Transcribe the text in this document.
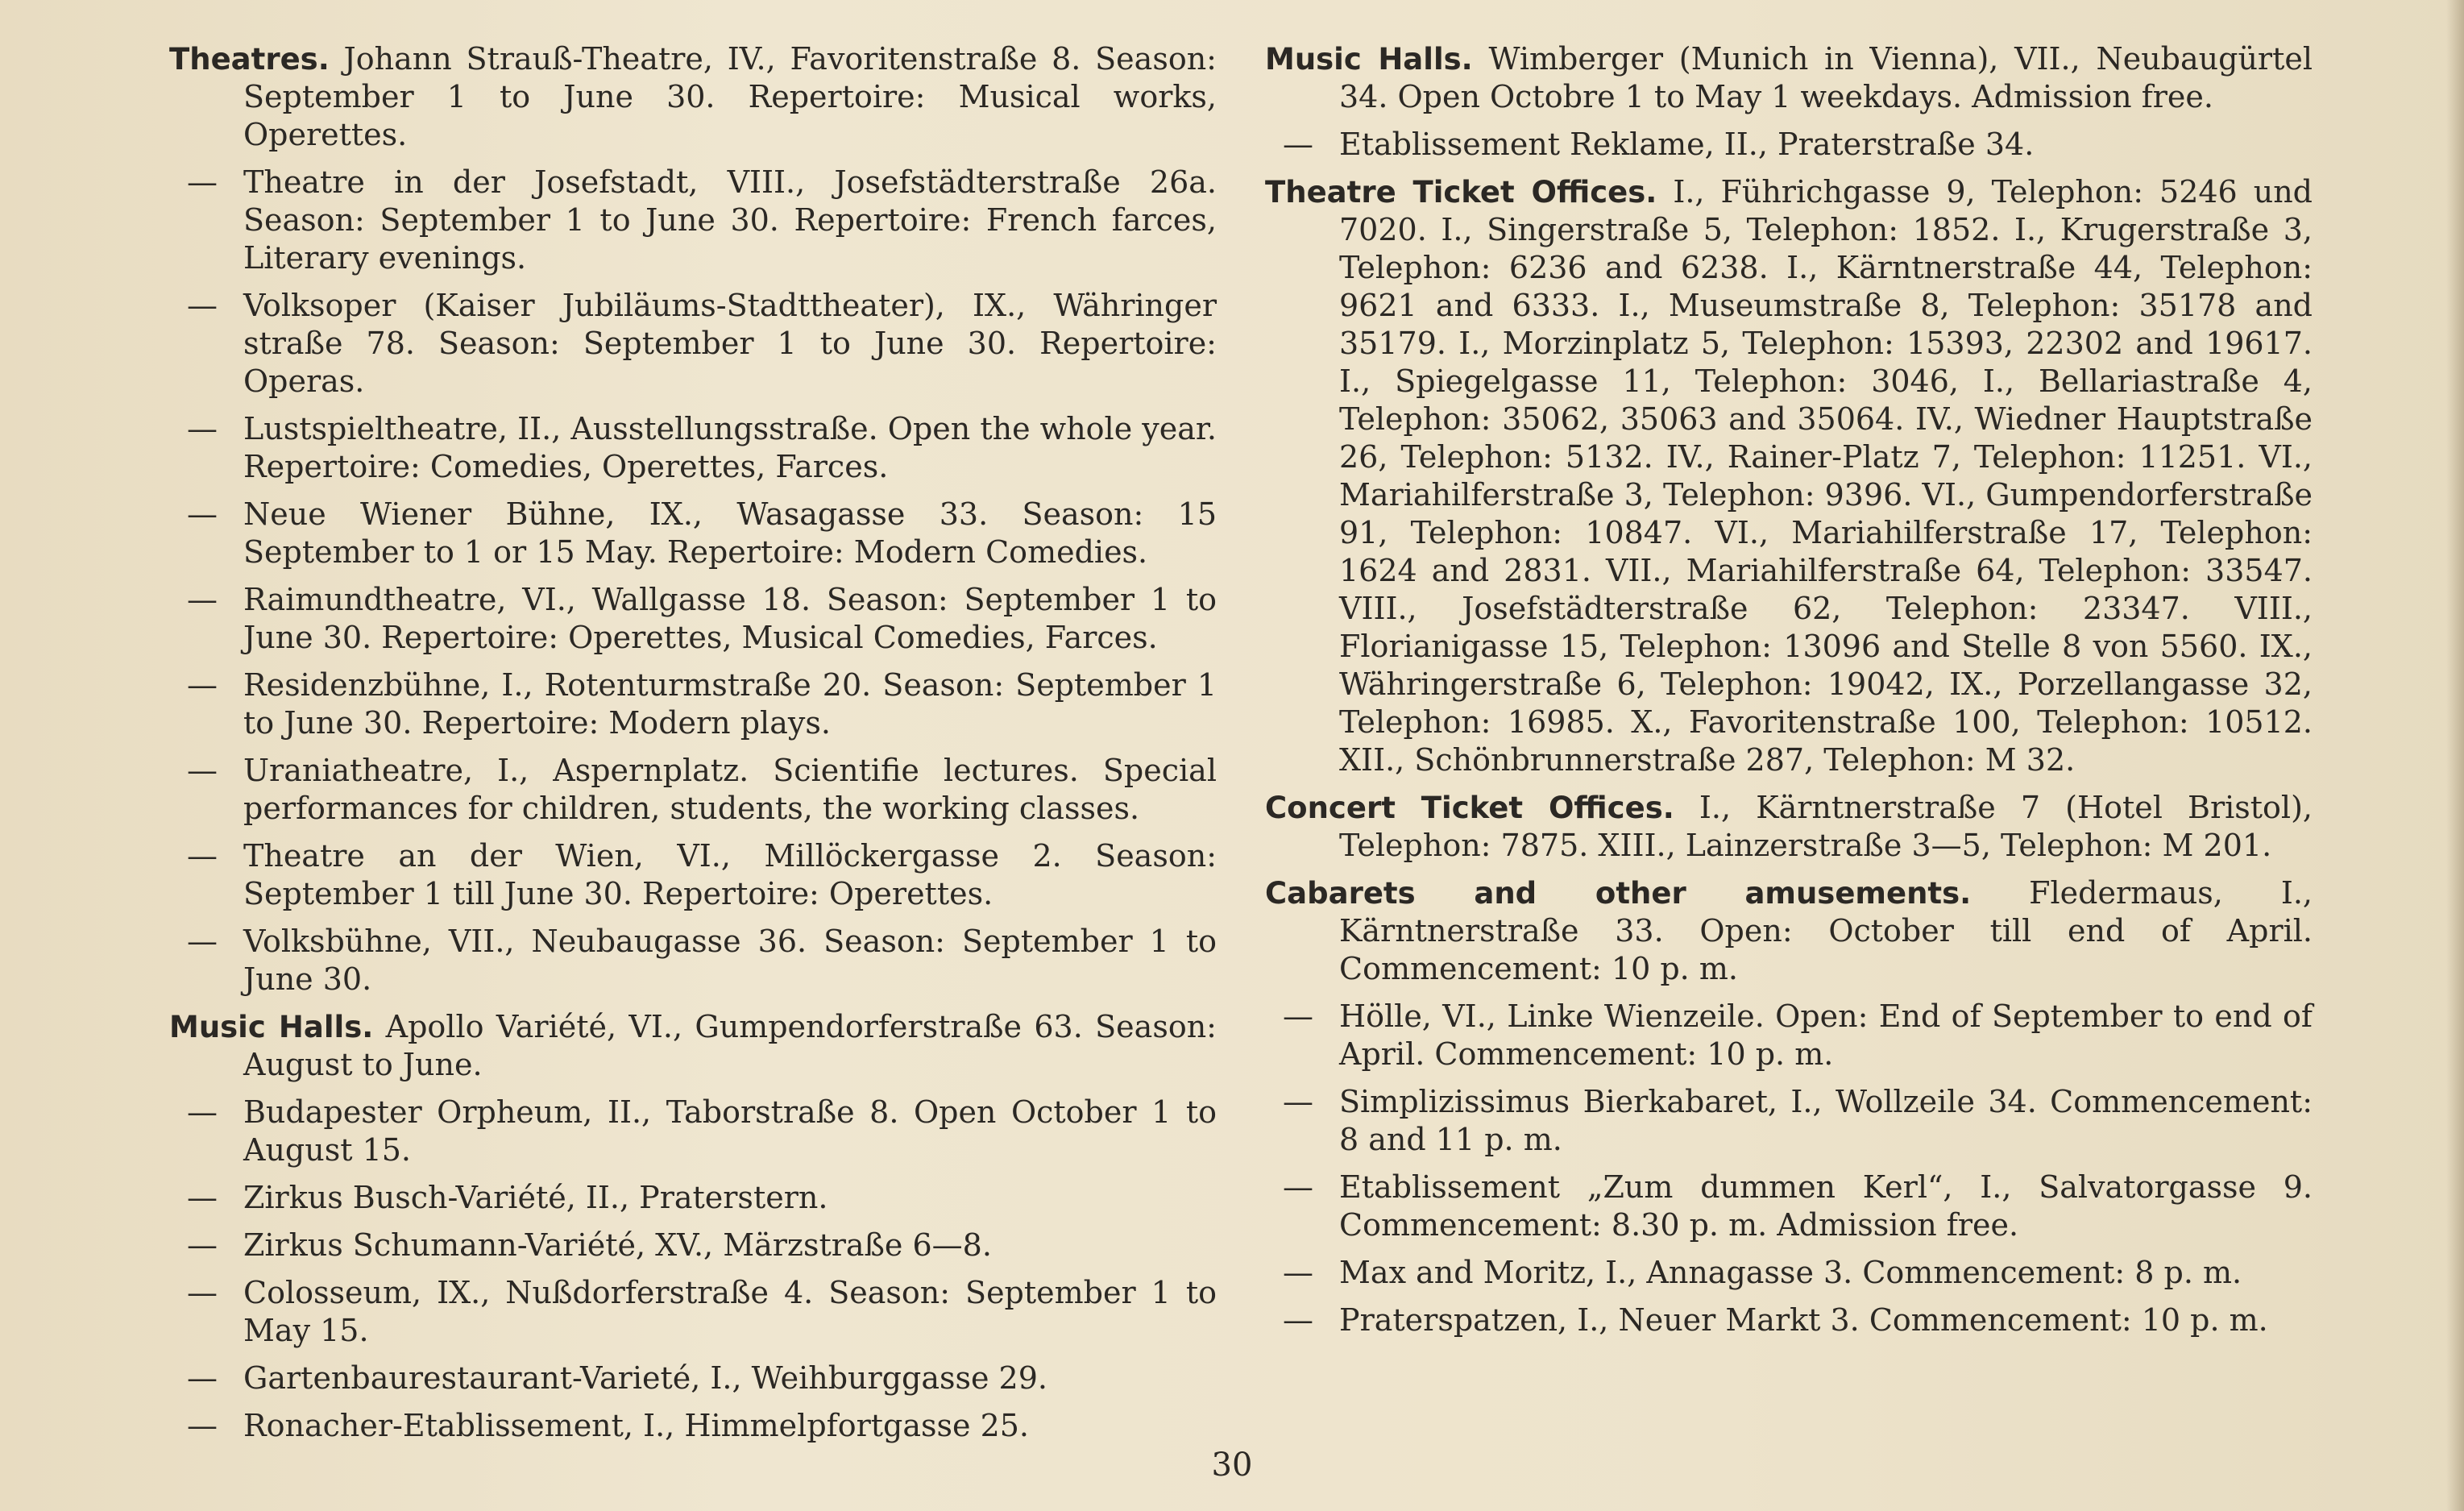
Theatres. Johann Strauß-Theatre, IV., Favoritenstraße 8. Season: September 1 to June 30. Repertoire: Musical works, Operettes.

— Theatre in der Josefstadt, VIII., Josefstädterstraße 26a. Season: September 1 to June 30. Repertoire: French farces, Literary evenings.

— Volksoper (Kaiser Jubiläums-Stadttheater), IX., Währinger straße 78. Season: September 1 to June 30. Repertoire: Operas.

— Lustspieltheatre, II., Ausstellungsstraße. Open the whole year. Repertoire: Comedies, Operettes, Farces.

— Neue Wiener Bühne, IX., Wasagasse 33. Season: 15 September to 1 or 15 May. Repertoire: Modern Comedies.

— Raimundtheatre, VI., Wallgasse 18. Season: September 1 to June 30. Repertoire: Operettes, Musical Comedies, Farces.

— Residenzbühne, I., Rotenturmstraße 20. Season: September 1 to June 30. Repertoire: Modern plays.

— Uraniatheatre, I., Aspernplatz. Scientifie lectures. Special performances for children, students, the working classes.

— Theatre an der Wien, VI., Millöckergasse 2. Season: September 1 till June 30. Repertoire: Operettes.

— Volksbühne, VII., Neubaugasse 36. Season: September 1 to June 30.

Music Halls. Apollo Variété, VI., Gumpendorferstraße 63. Season: August to June.

— Budapester Orpheum, II., Taborstraße 8. Open October 1 to August 15.

— Zirkus Busch-Variété, II., Praterstern.

— Zirkus Schumann-Variété, XV., Märzstraße 6—8.

— Colosseum, IX., Nußdorferstraße 4. Season: September 1 to May 15.

— Gartenbaurestaurant-Varieté, I., Weihburggasse 29.

— Ronacher-Etablissement, I., Himmelpfortgasse 25.

Music Halls. Wimberger (Munich in Vienna), VII., Neubaugürtel 34. Open Octobre 1 to May 1 weekdays. Admission free.

— Etablissement Reklame, II., Praterstraße 34.

Theatre Ticket Offices. I., Führichgasse 9, Telephon: 5246 und 7020. I., Singerstraße 5, Telephon: 1852. I., Krugerstraße 3, Telephon: 6236 and 6238. I., Kärntnerstraße 44, Telephon: 9621 and 6333. I., Museumstraße 8, Telephon: 35178 and 35179. I., Morzinplatz 5, Telephon: 15393, 22302 and 19617. I., Spiegelgasse 11, Telephon: 3046, I., Bellariastraße 4, Telephon: 35062, 35063 and 35064. IV., Wiedner Hauptstraße 26, Telephon: 5132. IV., Rainer-Platz 7, Telephon: 11251. VI., Mariahilferstraße 3, Telephon: 9396. VI., Gumpendorferstraße 91, Telephon: 10847. VI., Mariahilferstraße 17, Telephon: 1624 and 2831. VII., Mariahilferstraße 64, Telephon: 33547. VIII., Josefstädterstraße 62, Telephon: 23347. VIII., Florianigasse 15, Telephon: 13096 and Stelle 8 von 5560. IX., Währingerstraße 6, Telephon: 19042, IX., Porzellangasse 32, Telephon: 16985. X., Favoritenstraße 100, Telephon: 10512. XII., Schönbrunnerstraße 287, Telephon: M 32.

Concert Ticket Offices. I., Kärntnerstraße 7 (Hotel Bristol), Telephon: 7875. XIII., Lainzerstraße 3—5, Telephon: M 201.

Cabarets and other amusements. Fledermaus, I., Kärntnerstraße 33. Open: October till end of April. Commencement: 10 p. m.

— Hölle, VI., Linke Wienzeile. Open: End of September to end of April. Commencement: 10 p. m.

— Simplizissimus Bierkabaret, I., Wollzeile 34. Commencement: 8 and 11 p. m.

— Etablissement „Zum dummen Kerl“, I., Salvatorgasse 9. Commencement: 8.30 p. m. Admission free.

— Max and Moritz, I., Annagasse 3. Commencement: 8 p. m.

— Praterspatzen, I., Neuer Markt 3. Commencement: 10 p. m.

30
